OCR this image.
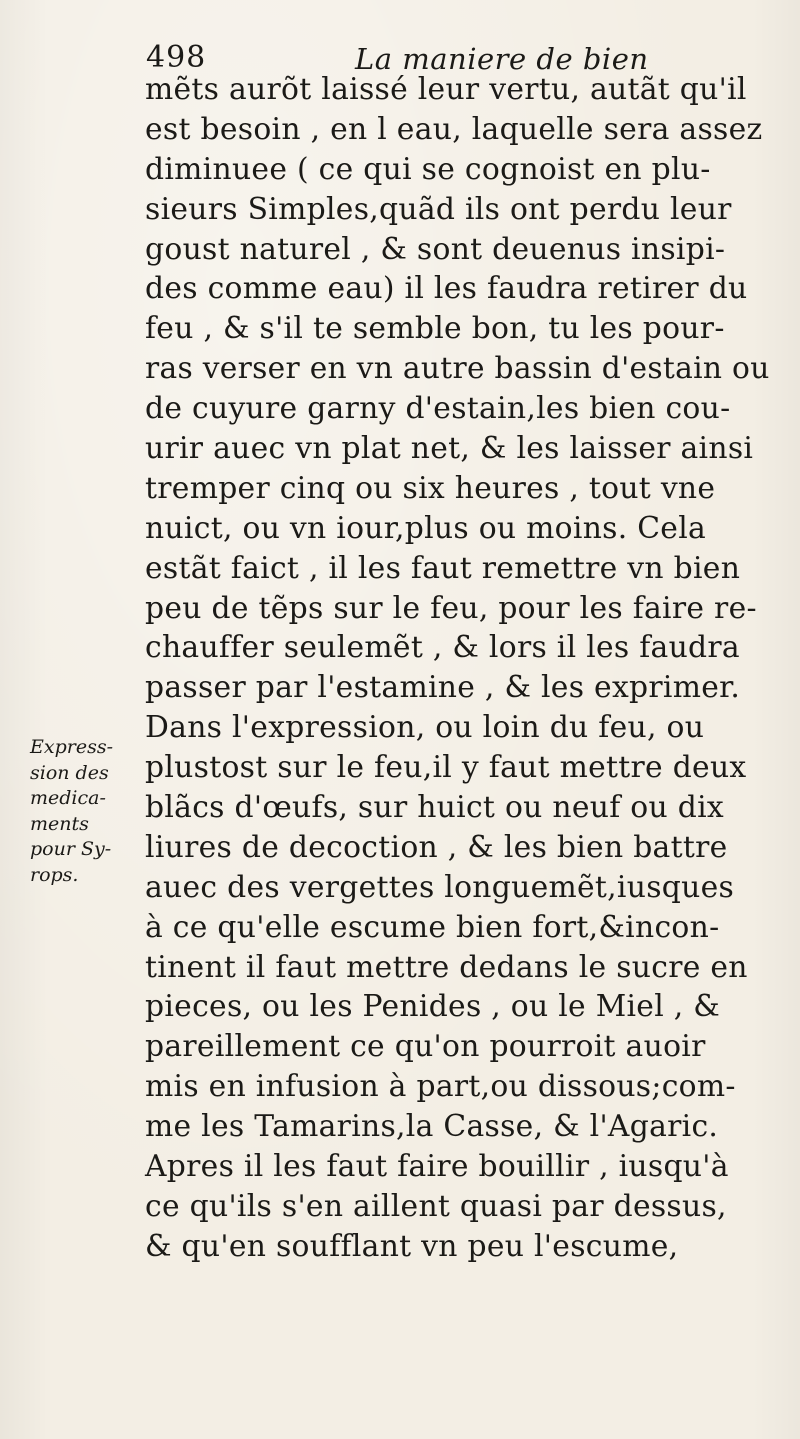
498	La maniere de bien
Express-
sion des
medica-
ments
pour Sy-
rops.
mẽts aurõt laissé leur vertu, autãt qu'il
est besoin , en l eau, laquelle sera assez
diminuee ( ce qui se cognoist en plu-
sieurs Simples,quãd ils ont perdu leur
goust naturel , & sont deuenus insipi-
des comme eau) il les faudra retirer du
feu , & s'il te semble bon, tu les pour-
ras verser en vn autre bassin d'estain ou
de cuyure garny d'estain,les bien cou-
urir auec vn plat net, & les laisser ainsi
tremper cinq ou six heures , tout vne
nuict, ou vn iour,plus ou moins. Cela
estãt faict , il les faut remettre vn bien
peu de tẽps sur le feu, pour les faire re-
chauffer seulemẽt , & lors il les faudra
passer par l'estamine , & les exprimer.
Dans l'expression, ou loin du feu, ou
plustost sur le feu,il y faut mettre deux
blãcs d'œufs, sur huict ou neuf ou dix
liures de decoction , & les bien battre
auec des vergettes longuemẽt,iusques
à ce qu'elle escume bien fort,&incon-
tinent il faut mettre dedans le sucre en
pieces, ou les Penides , ou le Miel , &
pareillement ce qu'on pourroit auoir
mis en infusion à part,ou dissous;com-
me les Tamarins,la Casse, & l'Agaric.
Apres il les faut faire bouillir , iusqu'à
ce qu'ils s'en aillent quasi par dessus,
& qu'en soufflant vn peu l'escume,
